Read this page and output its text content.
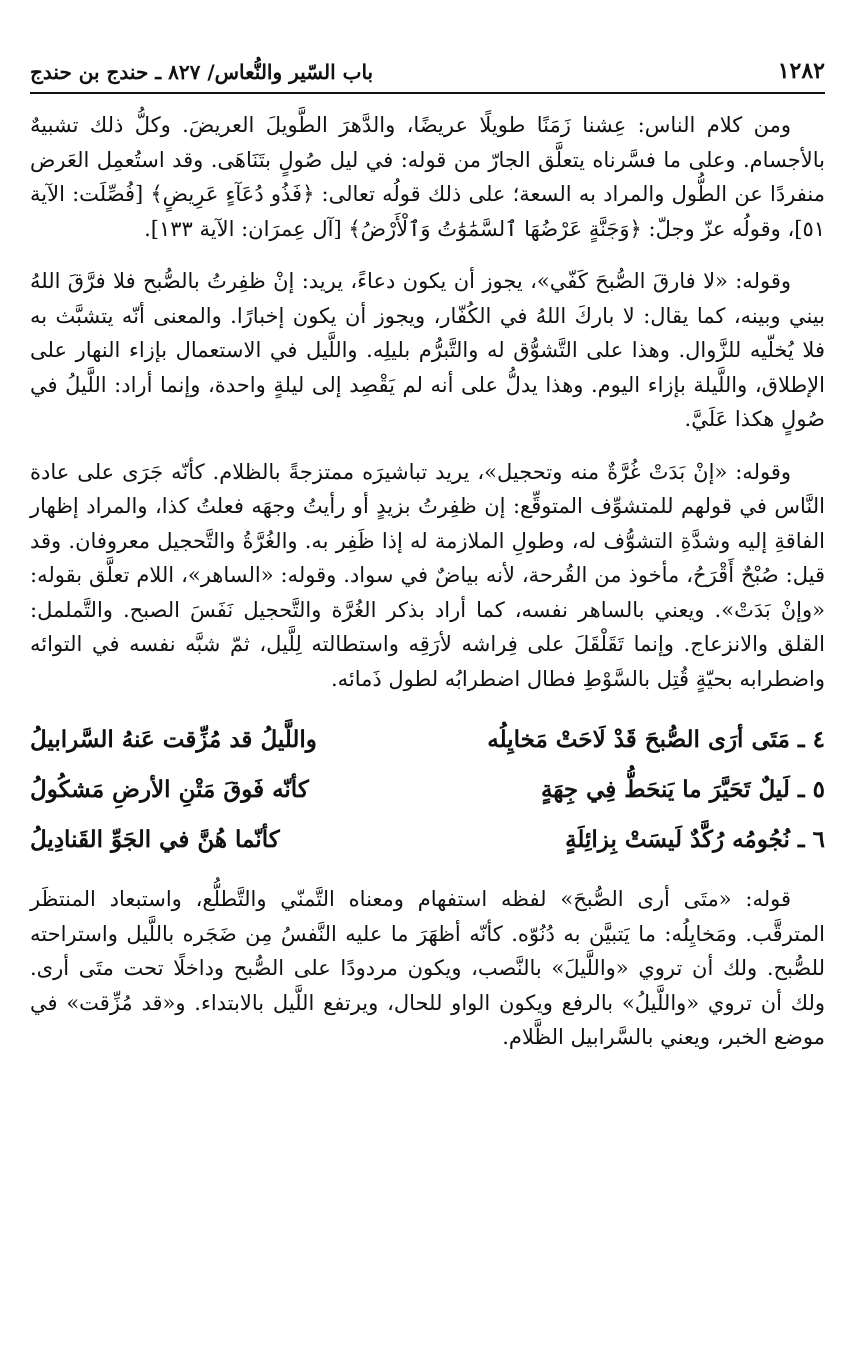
١٢٨٢
باب السّير والنُّعاس/ ٨٢٧ ـ حندج بن حندج

ومن كلام الناس: عِشنا زَمَنًا طويلًا عريضًا، والدَّهرَ الطَّويلَ العريضَ. وكلُّ ذلك تشبيهٌ بالأجسام. وعلى ما فسَّرناه يتعلَّق الجارّ من قوله: في ليل صُولٍ بتَنَاهَى. وقد استُعمِل العَرض منفردًا عن الطُّول والمراد به السعة؛ على ذلك قولُه تعالى: ﴿فَذُو دُعَآءٍ عَرِيضٍ﴾ [فُصِّلَت: الآية ٥١]، وقولُه عزّ وجلّ: ﴿وَجَنَّةٍ عَرْضُهَا ٱلسَّمَٰوَٰتُ وَٱلْأَرْضُ﴾ [آل عِمرَان: الآية ١٣٣].

وقوله: «لا فارقَ الصُّبحَ كَفّي»، يجوز أن يكون دعاءً، يريد: إنْ ظفِرتُ بالصُّبح فلا فرَّقَ اللهُ بيني وبينه، كما يقال: لا باركَ اللهُ في الكُفّار، ويجوز أن يكون إخبارًا. والمعنى أنّه يتشبَّث به فلا يُخلّيه للزَّوال. وهذا على التَّشوُّق له والتَّبرُّم بليلِه. واللَّيل في الاستعمال بإزاء النهار على الإطلاق، واللَّيلة بإزاء اليوم. وهذا يدلُّ على أنه لم يَقْصِد إلى ليلةٍ واحدة، وإنما أراد: اللَّيلُ في صُولٍ هكذا عَلَيَّ.

وقوله: «إنْ بَدَتْ غُرَّةٌ منه وتحجيل»، يريد تباشيرَه ممتزجةً بالظلام. كأنّه جَرَى على عادة النَّاس في قولهم للمتشوِّف المتوقِّع: إن ظفِرتُ بزيدٍ أو رأيتُ وجهَه فعلتُ كذا، والمراد إظهار الفاقةِ إليه وشدَّةِ التشوُّف له، وطولِ الملازمة له إذا ظَفِر به. والغُرَّةُ والتَّحجيل معروفان. وقد قيل: صُبْحٌ أَقْرَحُ، مأخوذ من القُرحة، لأنه بياضٌ في سواد. وقوله: «الساهر»، اللام تعلَّق بقوله: «وإنْ بَدَتْ». ويعني بالساهر نفسه، كما أراد بذكر الغُرَّة والتَّحجيل نَفَسَ الصبح. والتَّململ: القلق والانزعاج. وإنما تَقَلْقَلَ على فِراشه لأرَقِه واستطالته لِلَّيل، ثمّ شبَّه نفسه في التوائه واضطرابه بحيّةٍ قُتِل بالسَّوْطِ فطال اضطرابُه لطول ذَمائه.

٤ ـ مَتَى أرَى الصُّبحَ قَدْ لَاحَتْ مَخايِلُه
واللَّيلُ قد مُزِّقت عَنهُ السَّرابيلُ
٥ ـ لَيلٌ تَحَيَّرَ ما يَنحَطُّ فِي جِهَةٍ
كأنّه فَوقَ مَتْنِ الأرضِ مَشكُولُ
٦ ـ نُجُومُه رُكَّدٌ لَيسَتْ بِزائِلَةٍ
كأنّما هُنَّ في الجَوِّ القَنادِيلُ

قوله: «متَى أرى الصُّبحَ» لفظه استفهام ومعناه التَّمنّي والتَّطلُّع، واستبعاد المنتظَر المترقَّب. ومَخايِلُه: ما يَتبيَّن به دُنُوّه. كأنّه أظهَرَ ما عليه النَّفسُ مِن ضَجَره باللَّيل واستراحته للصُّبح. ولك أن تروي «واللَّيلَ» بالنَّصب، ويكون مردودًا على الصُّبح وداخلًا تحت متَى أرى. ولك أن تروي «واللَّيلُ» بالرفع ويكون الواو للحال، ويرتفع اللَّيل بالابتداء. و«قد مُزِّقت» في موضع الخبر، ويعني بالسَّرابيل الظَّلام.
